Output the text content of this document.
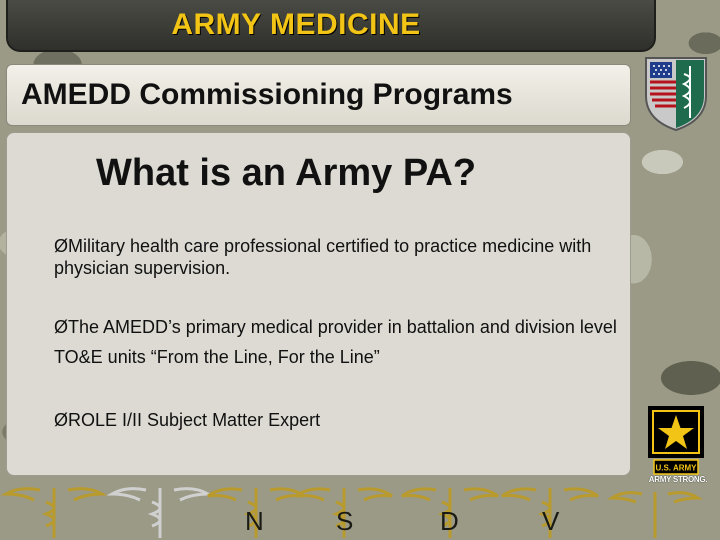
ARMY MEDICINE
AMEDD Commissioning Programs
What is an Army PA?
ØMilitary health care professional certified to practice medicine with physician supervision.
ØThe AMEDD’s primary medical provider in battalion and division level TO&E units “From the Line, For the Line”
ØROLE I/II Subject Matter Expert
U.S. ARMY
ARMY STRONG.
N	S	D	V
